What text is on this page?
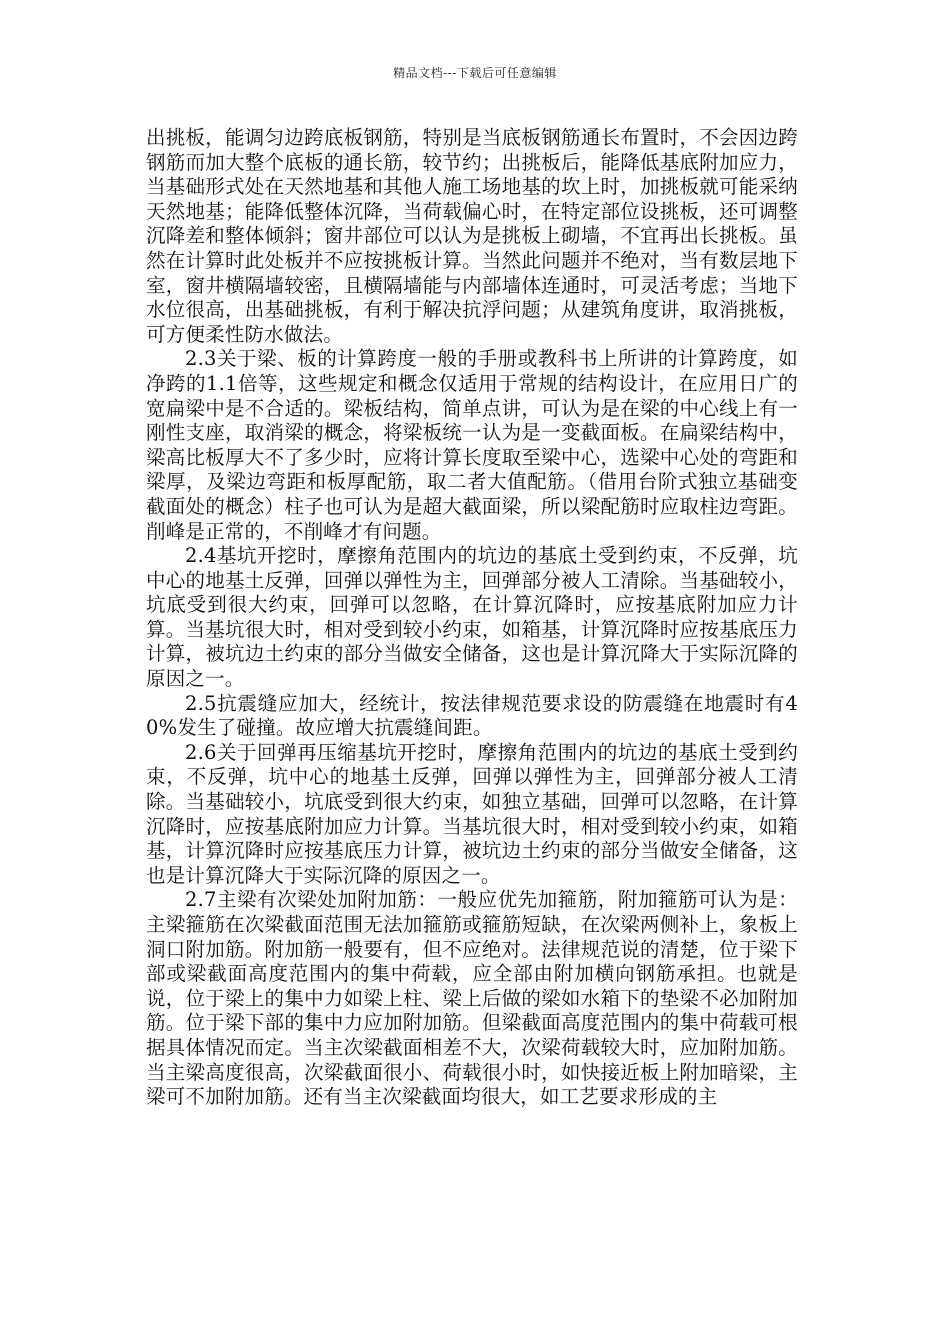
精品文档---下载后可任意编辑

出挑板，能调匀边跨底板钢筋，特别是当底板钢筋通长布置时，不会因边跨钢筋而加大整个底板的通长筋，较节约；出挑板后，能降低基底附加应力，当基础形式处在天然地基和其他人施工场地基的坎上时，加挑板就可能采纳天然地基；能降低整体沉降，当荷载偏心时，在特定部位设挑板，还可调整沉降差和整体倾斜；窗井部位可以认为是挑板上砌墙，不宜再出长挑板。虽然在计算时此处板并不应按挑板计算。当然此问题并不绝对，当有数层地下室，窗井横隔墙较密，且横隔墙能与内部墙体连通时，可灵活考虑；当地下水位很高，出基础挑板，有利于解决抗浮问题；从建筑角度讲，取消挑板，可方便柔性防水做法。

2.3关于梁、板的计算跨度一般的手册或教科书上所讲的计算跨度，如净跨的1.1倍等，这些规定和概念仅适用于常规的结构设计，在应用日广的宽扁梁中是不合适的。梁板结构，简单点讲，可认为是在梁的中心线上有一刚性支座，取消梁的概念，将梁板统一认为是一变截面板。在扁梁结构中，梁高比板厚大不了多少时，应将计算长度取至梁中心，选梁中心处的弯距和梁厚，及梁边弯距和板厚配筋，取二者大值配筋。（借用台阶式独立基础变截面处的概念）柱子也可认为是超大截面梁，所以梁配筋时应取柱边弯距。削峰是正常的，不削峰才有问题。

2.4基坑开挖时，摩擦角范围内的坑边的基底土受到约束，不反弹，坑中心的地基土反弹，回弹以弹性为主，回弹部分被人工清除。当基础较小，坑底受到很大约束，回弹可以忽略，在计算沉降时，应按基底附加应力计算。当基坑很大时，相对受到较小约束，如箱基，计算沉降时应按基底压力计算，被坑边土约束的部分当做安全储备，这也是计算沉降大于实际沉降的原因之一。

2.5抗震缝应加大，经统计，按法律规范要求设的防震缝在地震时有40%发生了碰撞。故应增大抗震缝间距。

2.6关于回弹再压缩基坑开挖时，摩擦角范围内的坑边的基底土受到约束，不反弹，坑中心的地基土反弹，回弹以弹性为主，回弹部分被人工清除。当基础较小，坑底受到很大约束，如独立基础，回弹可以忽略，在计算沉降时，应按基底附加应力计算。当基坑很大时，相对受到较小约束，如箱基，计算沉降时应按基底压力计算，被坑边土约束的部分当做安全储备，这也是计算沉降大于实际沉降的原因之一。

2.7主梁有次梁处加附加筋：一般应优先加箍筋，附加箍筋可认为是：主梁箍筋在次梁截面范围无法加箍筋或箍筋短缺，在次梁两侧补上，象板上洞口附加筋。附加筋一般要有，但不应绝对。法律规范说的清楚，位于梁下部或梁截面高度范围内的集中荷载，应全部由附加横向钢筋承担。也就是说，位于梁上的集中力如梁上柱、梁上后做的梁如水箱下的垫梁不必加附加筋。位于梁下部的集中力应加附加筋。但梁截面高度范围内的集中荷载可根据具体情况而定。当主次梁截面相差不大，次梁荷载较大时，应加附加筋。当主梁高度很高，次梁截面很小、荷载很小时，如快接近板上附加暗梁，主梁可不加附加筋。还有当主次梁截面均很大，如工艺要求形成的主
